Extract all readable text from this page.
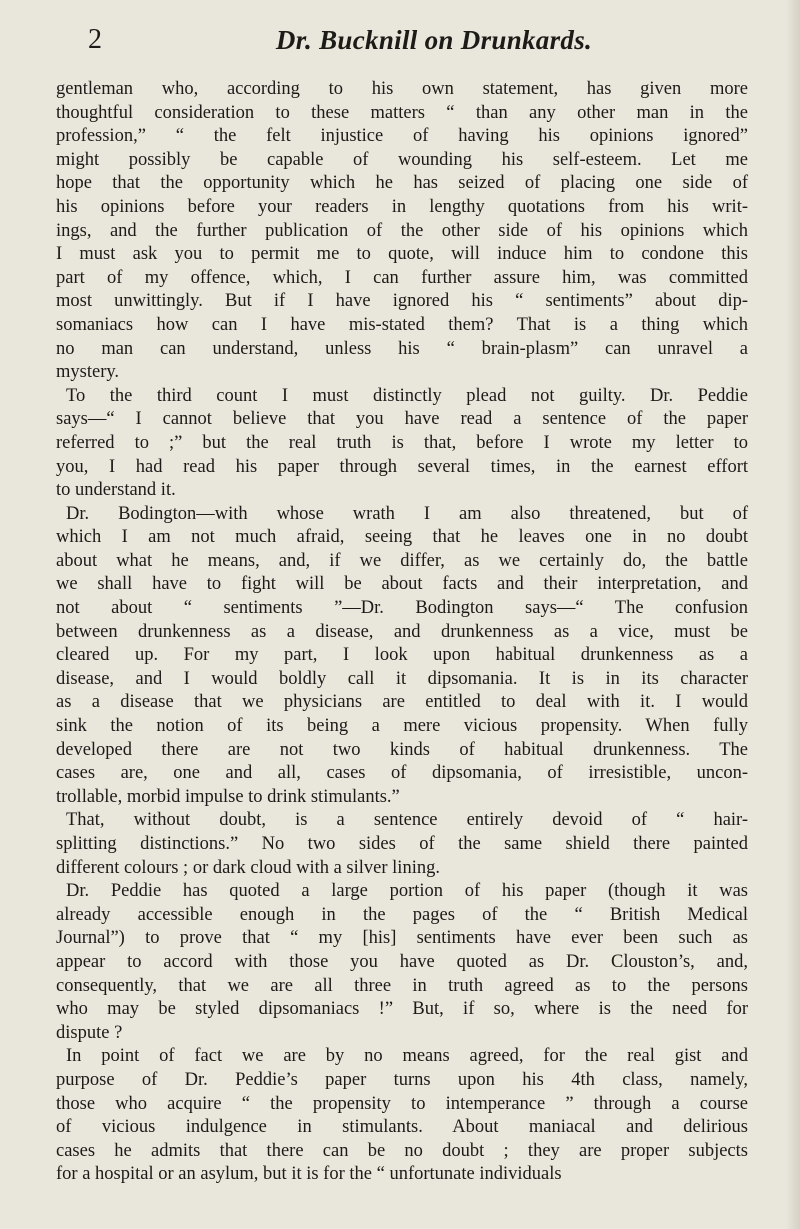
2	Dr. Bucknill on Drunkards.

gentleman who, according to his own statement, has given more
thoughtful consideration to these matters “ than any other man in the
profession,” “ the felt injustice of having his opinions ignored”
might possibly be capable of wounding his self-esteem. Let me
hope that the opportunity which he has seized of placing one side of
his opinions before your readers in lengthy quotations from his writ-
ings, and the further publication of the other side of his opinions which
I must ask you to permit me to quote, will induce him to condone this
part of my offence, which, I can further assure him, was committed
most unwittingly. But if I have ignored his “ sentiments” about dip-
somaniacs how can I have mis-stated them? That is a thing which
no man can understand, unless his “ brain-plasm” can unravel a
mystery.

To the third count I must distinctly plead not guilty. Dr. Peddie
says—“ I cannot believe that you have read a sentence of the paper
referred to ;” but the real truth is that, before I wrote my letter to
you, I had read his paper through several times, in the earnest effort
to understand it.

Dr. Bodington—with whose wrath I am also threatened, but of
which I am not much afraid, seeing that he leaves one in no doubt
about what he means, and, if we differ, as we certainly do, the battle
we shall have to fight will be about facts and their interpretation, and
not about “ sentiments ”—Dr. Bodington says—“ The confusion
between drunkenness as a disease, and drunkenness as a vice, must be
cleared up. For my part, I look upon habitual drunkenness as a
disease, and I would boldly call it dipsomania. It is in its character
as a disease that we physicians are entitled to deal with it. I would
sink the notion of its being a mere vicious propensity. When fully
developed there are not two kinds of habitual drunkenness. The
cases are, one and all, cases of dipsomania, of irresistible, uncon-
trollable, morbid impulse to drink stimulants.”

That, without doubt, is a sentence entirely devoid of “ hair-
splitting distinctions.” No two sides of the same shield there painted
different colours ; or dark cloud with a silver lining.

Dr. Peddie has quoted a large portion of his paper (though it was
already accessible enough in the pages of the “ British Medical
Journal”) to prove that “ my [his] sentiments have ever been such as
appear to accord with those you have quoted as Dr. Clouston’s, and,
consequently, that we are all three in truth agreed as to the persons
who may be styled dipsomaniacs !” But, if so, where is the need for
dispute ?

In point of fact we are by no means agreed, for the real gist and
purpose of Dr. Peddie’s paper turns upon his 4th class, namely,
those who acquire “ the propensity to intemperance ” through a course
of vicious indulgence in stimulants. About maniacal and delirious
cases he admits that there can be no doubt ; they are proper subjects
for a hospital or an asylum, but it is for the “ unfortunate individuals
